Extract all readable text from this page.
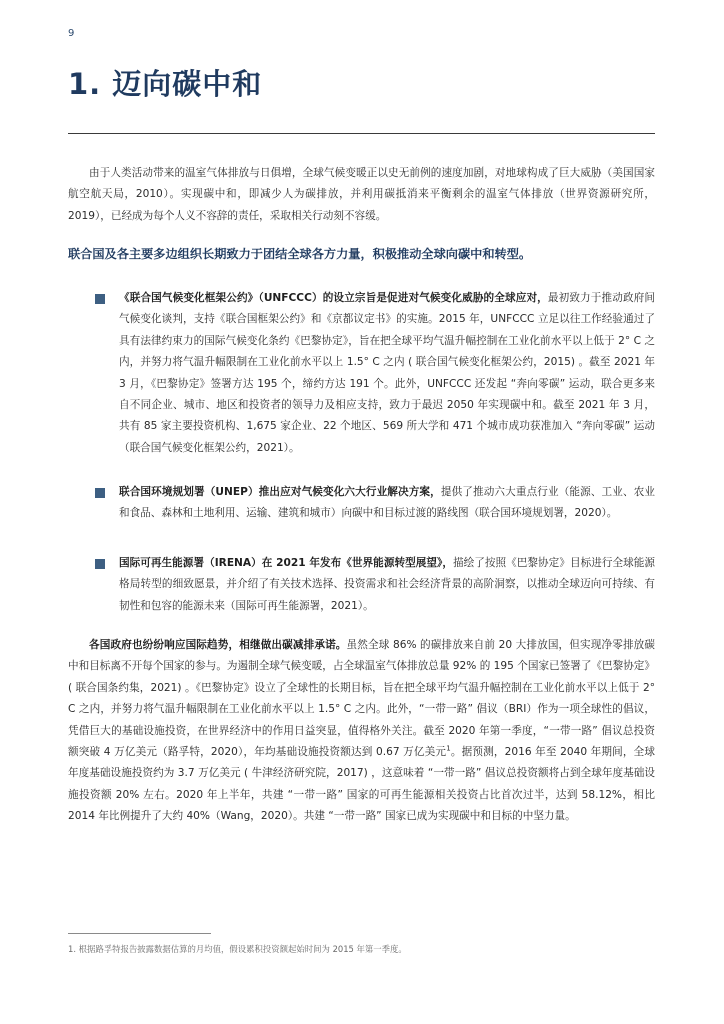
9
1. 迈向碳中和

由于人类活动带来的温室气体排放与日俱增，全球气候变暖正以史无前例的速度加剧，对地球构成了巨大威胁（美国国家航空航天局，2010）。实现碳中和，即减少人为碳排放，并利用碳抵消来平衡剩余的温室气体排放（世界资源研究所，2019），已经成为每个人义不容辞的责任，采取相关行动刻不容缓。

联合国及各主要多边组织长期致力于团结全球各方力量，积极推动全球向碳中和转型。

《联合国气候变化框架公约》（UNFCCC）的设立宗旨是促进对气候变化威胁的全球应对，最初致力于推动政府间气候变化谈判，支持《联合国框架公约》和《京都议定书》的实施。2015 年，UNFCCC 立足以往工作经验通过了具有法律约束力的国际气候变化条约《巴黎协定》，旨在把全球平均气温升幅控制在工业化前水平以上低于 2° C 之内，并努力将气温升幅限制在工业化前水平以上 1.5° C 之内 ( 联合国气候变化框架公约，2015) 。截至 2021 年 3 月，《巴黎协定》签署方达 195 个，缔约方达 191 个。此外，UNFCCC 还发起 “奔向零碳” 运动，联合更多来自不同企业、城市、地区和投资者的领导力及相应支持，致力于最迟 2050 年实现碳中和。截至 2021 年 3 月，共有 85 家主要投资机构、1,675 家企业、22 个地区、569 所大学和 471 个城市成功获准加入 “奔向零碳” 运动（联合国气候变化框架公约，2021）。

联合国环境规划署（UNEP）推出应对气候变化六大行业解决方案，提供了推动六大重点行业（能源、工业、农业和食品、森林和土地利用、运输、建筑和城市）向碳中和目标过渡的路线图（联合国环境规划署，2020）。

国际可再生能源署（IRENA）在 2021 年发布《世界能源转型展望》，描绘了按照《巴黎协定》目标进行全球能源格局转型的细致愿景，并介绍了有关技术选择、投资需求和社会经济背景的高阶洞察，以推动全球迈向可持续、有韧性和包容的能源未来（国际可再生能源署，2021）。

各国政府也纷纷响应国际趋势，相继做出碳减排承诺。虽然全球 86% 的碳排放来自前 20 大排放国，但实现净零排放碳中和目标离不开每个国家的参与。为遏制全球气候变暖，占全球温室气体排放总量 92% 的 195 个国家已签署了《巴黎协定》( 联合国条约集，2021) 。《巴黎协定》设立了全球性的长期目标，旨在把全球平均气温升幅控制在工业化前水平以上低于 2° C 之内，并努力将气温升幅限制在工业化前水平以上 1.5° C 之内。此外，“一带一路” 倡议（BRI）作为一项全球性的倡议，凭借巨大的基础设施投资，在世界经济中的作用日益突显，值得格外关注。截至 2020 年第一季度，“一带一路” 倡议总投资额突破 4 万亿美元（路孚特，2020），年均基础设施投资额达到 0.67 万亿美元$^1$。据预测，2016 年至 2040 年期间，全球年度基础设施投资约为 3.7 万亿美元 ( 牛津经济研究院，2017) ，这意味着 “一带一路” 倡议总投资额将占到全球年度基础设施投资额 20% 左右。2020 年上半年，共建 “一带一路” 国家的可再生能源相关投资占比首次过半，达到 58.12%，相比 2014 年比例提升了大约 40%（Wang，2020）。共建 “一带一路” 国家已成为实现碳中和目标的中坚力量。

1. 根据路孚特报告披露数据估算的月均值，假设累积投资额起始时间为 2015 年第一季度。
